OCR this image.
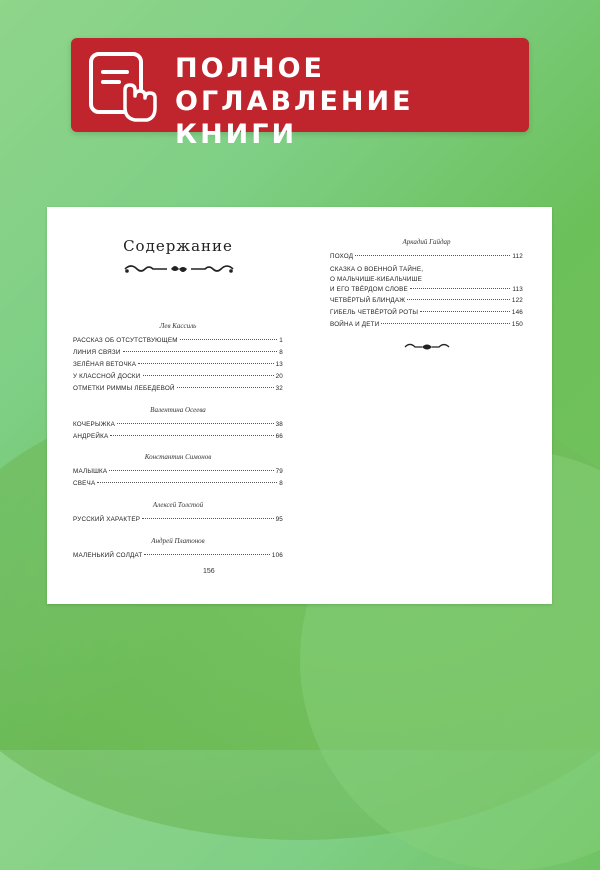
ПОЛНОЕ
ОГЛАВЛЕНИЕ КНИГИ
Содержание
Лев Кассиль
РАССКАЗ ОБ ОТСУТСТВУЮЩЕМ	1
ЛИНИЯ СВЯЗИ	8
ЗЕЛЁНАЯ ВЕТОЧКА	13
У КЛАССНОЙ ДОСКИ	20
ОТМЕТКИ РИММЫ ЛЕБЕДЕВОЙ	32
Валентина Осеева
КОЧЕРЫЖКА	38
АНДРЕЙКА	66
Константин Симонов
МАЛЫШКА	79
СВЕЧА	8
Алексей Толстой
РУССКИЙ ХАРАКТЕР	95
Андрей Платонов
МАЛЕНЬКИЙ СОЛДАТ	106
156
Аркадий Гайдар
ПОХОД	112
СКАЗКА О ВОЕННОЙ ТАЙНЕ,
О МАЛЬЧИШЕ-КИБАЛЬЧИШЕ
И ЕГО ТВЁРДОМ СЛОВЕ	113
ЧЕТВЁРТЫЙ БЛИНДАЖ	122
ГИБЕЛЬ ЧЕТВЁРТОЙ РОТЫ	146
ВОЙНА И ДЕТИ	150
